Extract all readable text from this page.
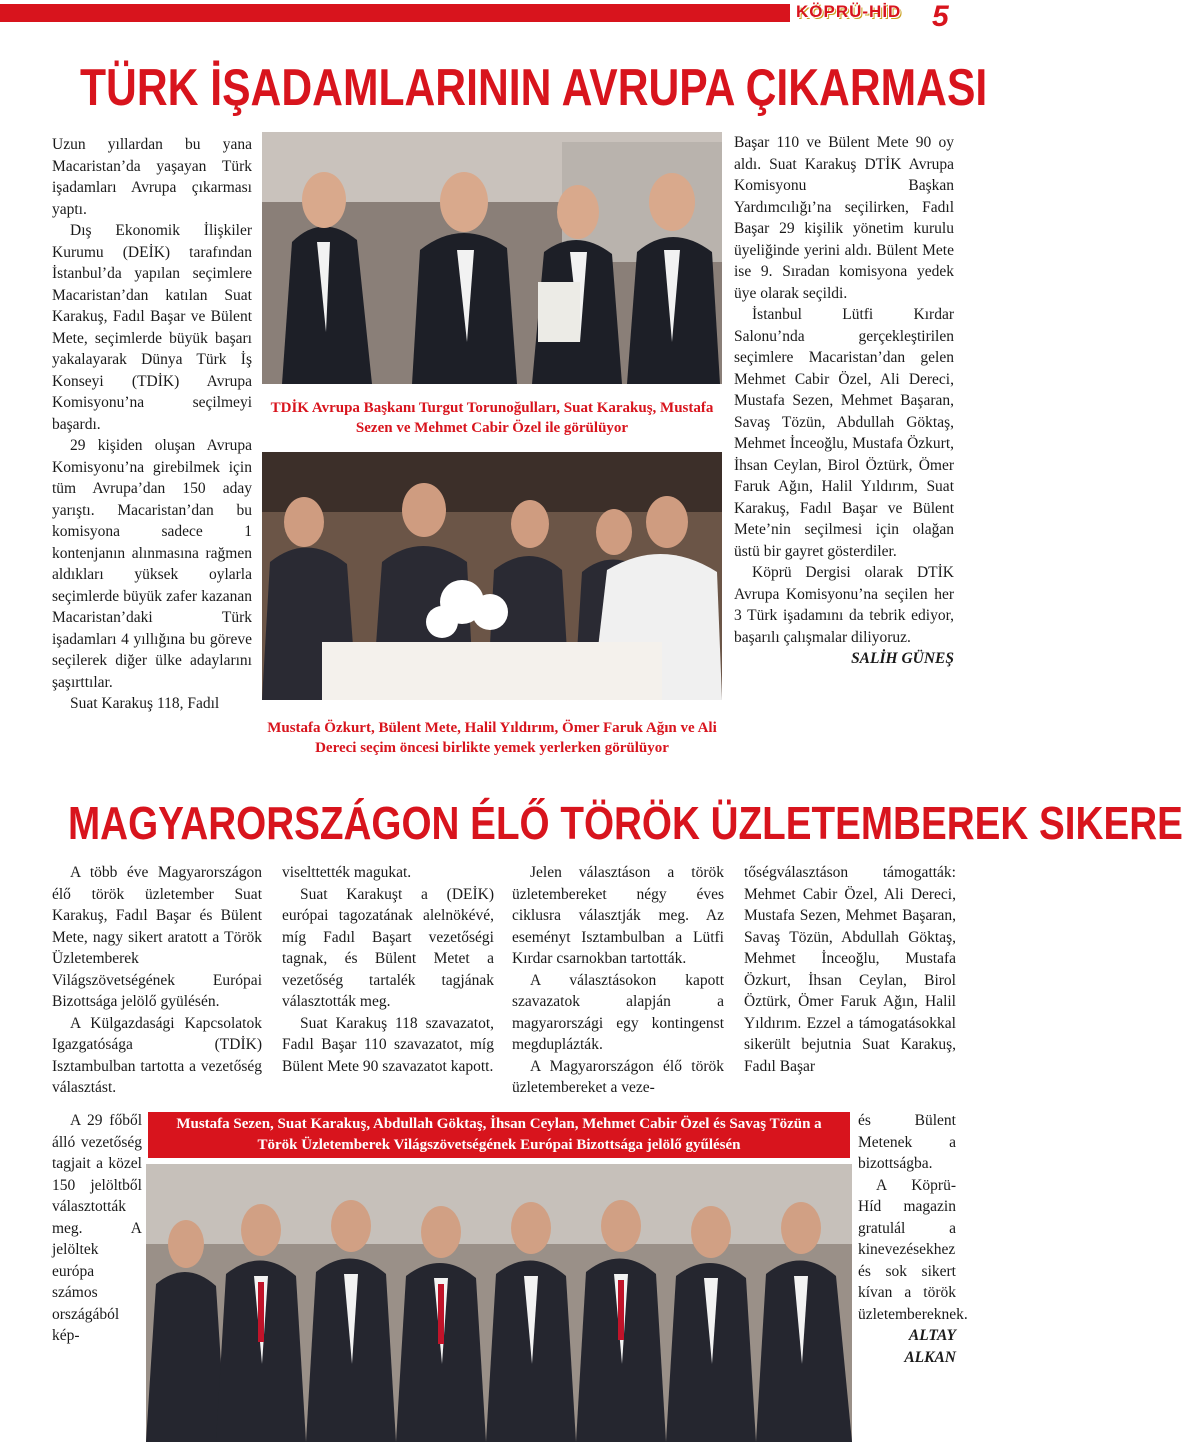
KÖPRÜ-HİD 5
TÜRK İŞADAMLARININ AVRUPA ÇIKARMASI

Uzun yıllardan bu yana Macaristan’da yaşayan Türk işadamları Avrupa çıkarması yaptı.

Dış Ekonomik İlişkiler Kurumu (DEİK) tarafından İstanbul’da yapılan seçimlere Macaristan’dan katılan Suat Karakuş, Fadıl Başar ve Bülent Mete, seçimlerde büyük başarı yakalayarak Dünya Türk İş Konseyi (TDİK) Avrupa Komisyonu’na seçilmeyi başardı.

29 kişiden oluşan Avrupa Komisyonu’na girebilmek için tüm Avrupa’dan 150 aday yarıştı. Macaristan’dan bu komisyona sadece 1 kontenjanın alınmasına rağmen aldıkları yüksek oylarla seçimlerde büyük zafer kazanan Macaristan’daki Türk işadamları 4 yıllığına bu göreve seçilerek diğer ülke adaylarını şaşırttılar.

Suat Karakuş 118, Fadıl

TDİK Avrupa Başkanı Turgut Torunoğulları, Suat Karakuş, Mustafa Sezen ve Mehmet Cabir Özel ile görülüyor
Mustafa Özkurt, Bülent Mete, Halil Yıldırım, Ömer Faruk Ağın ve Ali Dereci seçim öncesi birlikte yemek yerlerken görülüyor

Başar 110 ve Bülent Mete 90 oy aldı. Suat Karakuş DTİK Avrupa Komisyonu Başkan Yardımcılığı’na seçilirken, Fadıl Başar 29 kişilik yönetim kurulu üyeliğinde yerini aldı. Bülent Mete ise 9. Sıradan komisyona yedek üye olarak seçildi.

İstanbul Lütfi Kırdar Salonu’nda gerçekleştirilen seçimlere Macaristan’dan gelen Mehmet Cabir Özel, Ali Dereci, Mustafa Sezen, Mehmet Başaran, Savaş Tözün, Abdullah Göktaş, Mehmet İnceoğlu, Mustafa Özkurt, İhsan Ceylan, Birol Öztürk, Ömer Faruk Ağın, Halil Yıldırım, Suat Karakuş, Fadıl Başar ve Bülent Mete’nin seçilmesi için olağan üstü bir gayret gösterdiler.

Köprü Dergisi olarak DTİK Avrupa Komisyonu’na seçilen her 3 Türk işadamını da tebrik ediyor, başarılı çalışmalar diliyoruz.

SALİH GÜNEŞ

MAGYARORSZÁGON ÉLŐ TÖRÖK ÜZLETEMBEREK SIKERE

A több éve Magyarországon élő török üzletember Suat Karakuş, Fadıl Başar és Bülent Mete, nagy sikert aratott a Török Üzletemberek Világszövetségének Európai Bizottsága jelölő gyülésén.

A Külgazdasági Kapcsolatok Igazgatósága (TDİK) Isztambulban tartotta a vezetőség választást.

A 29 főből álló vezetőség tagjait a közel 150 jelöltből választották meg. A jelöltek európa számos országából kép-

viselttették magukat.

Suat Karakuşt a (DEİK) európai tagozatának alelnökévé, míg Fadıl Başart vezetőségi tagnak, és Bülent Metet a vezetőség tartalék tagjának választották meg.

Suat Karakuş 118 szavazatot, Fadıl Başar 110 szavazatot, míg Bülent Mete 90 szavazatot kapott.

Jelen választáson a török üzletembereket négy éves ciklusra választják meg. Az eseményt Isztambulban a Lütfi Kırdar csarnokban tartották.

A választásokon kapott szavazatok alapján a magyarországi egy kontingenst megduplázták.

A Magyarországon élő török üzletembereket a veze-

tőségválasztáson támogatták: Mehmet Cabir Özel, Ali Dereci, Mustafa Sezen, Mehmet Başaran, Savaş Tözün, Abdullah Göktaş, Mehmet İnceoğlu, Mustafa Özkurt, İhsan Ceylan, Birol Öztürk, Ömer Faruk Ağın, Halil Yıldırım. Ezzel a támogatásokkal sikerült bejutnia Suat Karakuş, Fadıl Başar

és Bülent Metenek a bizottságba.

A Köprü-Híd magazin gratulál a kinevezésekhez és sok sikert kívan a török üzletembereknek.

ALTAY ALKAN

Mustafa Sezen, Suat Karakuş, Abdullah Göktaş, İhsan Ceylan, Mehmet Cabir Özel és Savaş Tözün a Török Üzletemberek Világszövetségének Európai Bizottsága jelölő gyűlésén
